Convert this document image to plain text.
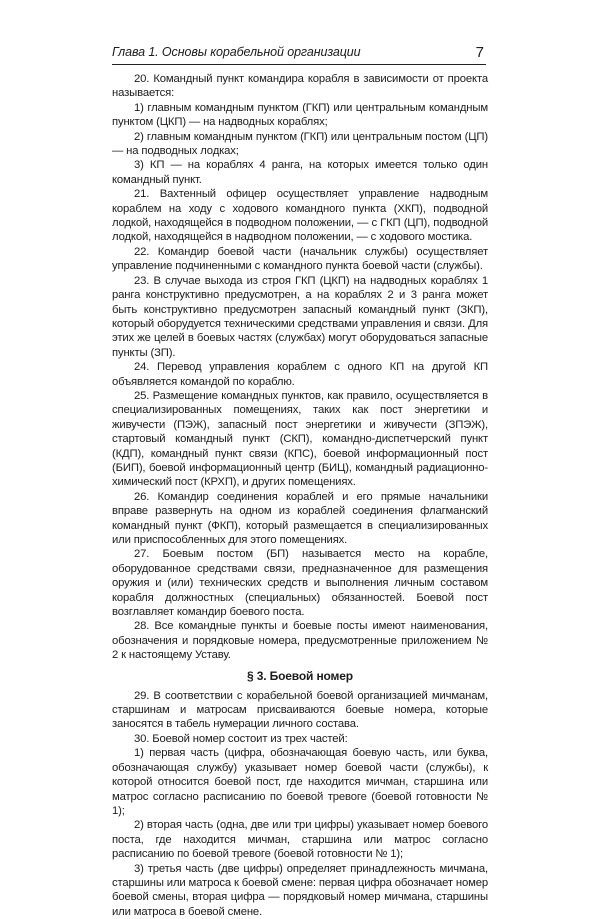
Глава 1. Основы корабельной организации	7

20. Командный пункт командира корабля в зависимости от проекта называется:

1) главным командным пунктом (ГКП) или центральным командным пунктом (ЦКП) — на надводных кораблях;

2) главным командным пунктом (ГКП) или центральным постом (ЦП) — на подводных лодках;

3) КП — на кораблях 4 ранга, на которых имеется только один командный пункт.

21. Вахтенный офицер осуществляет управление надводным кораблем на ходу с ходового командного пункта (ХКП), подводной лодкой, находящейся в подводном положении, — с ГКП (ЦП), подводной лодкой, находящейся в надводном положении, — с ходового мостика.

22. Командир боевой части (начальник службы) осуществляет управление подчиненными с командного пункта боевой части (службы).

23. В случае выхода из строя ГКП (ЦКП) на надводных кораблях 1 ранга конструктивно предусмотрен, а на кораблях 2 и 3 ранга может быть конструктивно предусмотрен запасный командный пункт (ЗКП), который оборудуется техническими средствами управления и связи. Для этих же целей в боевых частях (службах) могут оборудоваться запасные пункты (ЗП).

24. Перевод управления кораблем с одного КП на другой КП объявляется командой по кораблю.

25. Размещение командных пунктов, как правило, осуществляется в специализированных помещениях, таких как пост энергетики и живучести (ПЭЖ), запасный пост энергетики и живучести (ЗПЭЖ), стартовый командный пункт (СКП), командно-диспетчерский пункт (КДП), командный пункт связи (КПС), боевой информационный пост (БИП), боевой информационный центр (БИЦ), командный радиационно-химический пост (КРХП), и других помещениях.

26. Командир соединения кораблей и его прямые начальники вправе развернуть на одном из кораблей соединения флагманский командный пункт (ФКП), который размещается в специализированных или приспособленных для этого помещениях.

27. Боевым постом (БП) называется место на корабле, оборудованное средствами связи, предназначенное для размещения оружия и (или) технических средств и выполнения личным составом корабля должностных (специальных) обязанностей. Боевой пост возглавляет командир боевого поста.

28. Все командные пункты и боевые посты имеют наименования, обозначения и порядковые номера, предусмотренные приложением № 2 к настоящему Уставу.

§ 3. Боевой номер

29. В соответствии с корабельной боевой организацией мичманам, старшинам и матросам присваиваются боевые номера, которые заносятся в табель нумерации личного состава.

30. Боевой номер состоит из трех частей:

1) первая часть (цифра, обозначающая боевую часть, или буква, обозначающая службу) указывает номер боевой части (службы), к которой относится боевой пост, где находится мичман, старшина или матрос согласно расписанию по боевой тревоге (боевой готовности № 1);

2) вторая часть (одна, две или три цифры) указывает номер боевого поста, где находится мичман, старшина или матрос согласно расписанию по боевой тревоге (боевой готовности № 1);

3) третья часть (две цифры) определяет принадлежность мичмана, старшины или матроса к боевой смене: первая цифра обозначает номер боевой смены, вторая цифра — порядковый номер мичмана, старшины или матроса в боевой смене.
